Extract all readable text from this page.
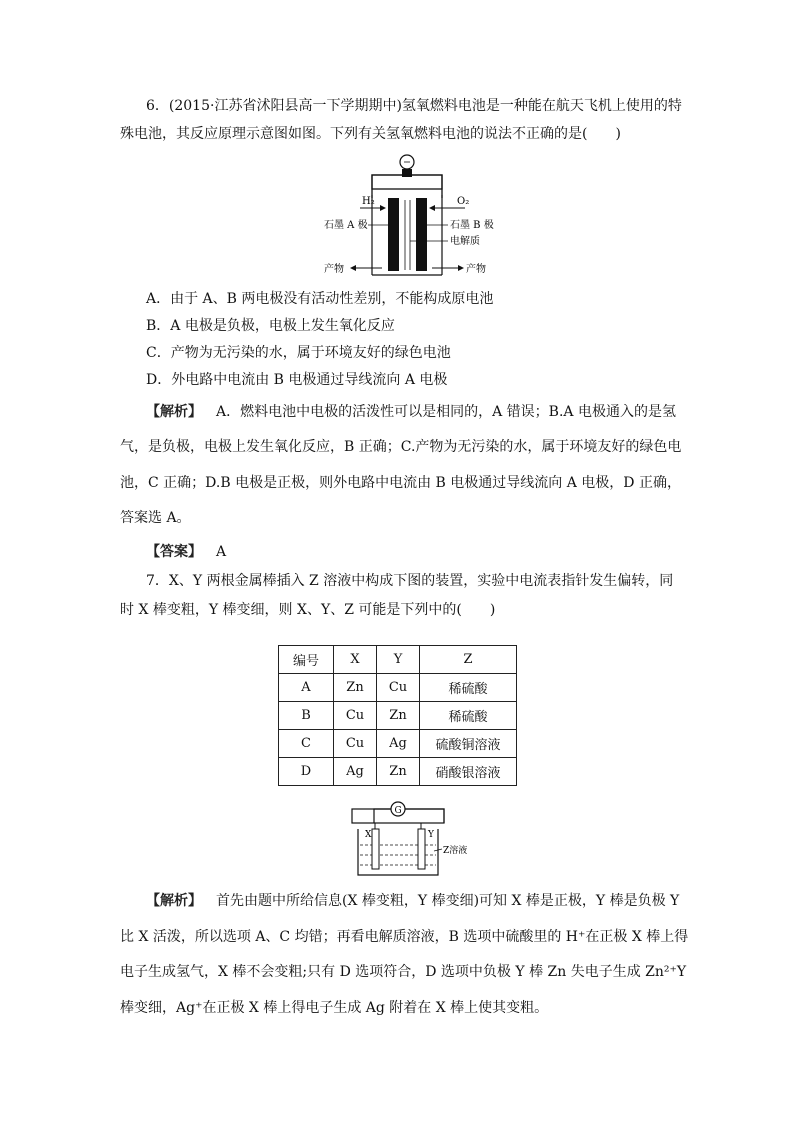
6．(2015·江苏省沭阳县高一下学期期中)氢氧燃料电池是一种能在航天飞机上使用的特
殊电池，其反应原理示意图如图。下列有关氢氧燃料电池的说法不正确的是(　　)
H₂	O₂
石墨 A 极	石墨 B 极
电解质
产物	产物
A．由于 A、B 两电极没有活动性差别，不能构成原电池
B．A 电极是负极，电极上发生氧化反应
C．产物为无污染的水，属于环境友好的绿色电池
D．外电路中电流由 B 电极通过导线流向 A 电极
【解析】 A．燃料电池中电极的活泼性可以是相同的，A 错误；B.A 电极通入的是氢
气，是负极，电极上发生氧化反应，B 正确；C.产物为无污染的水，属于环境友好的绿色电
池，C 正确；D.B 电极是正极，则外电路中电流由 B 电极通过导线流向 A 电极，D 正确，
答案选 A。
【答案】 A
7．X、Y 两根金属棒插入 Z 溶液中构成下图的装置，实验中电流表指针发生偏转，同
时 X 棒变粗，Y 棒变细，则 X、Y、Z 可能是下列中的(　　)
编号	X	Y	Z
A	Zn	Cu	稀硫酸
B	Cu	Zn	稀硫酸
C	Cu	Ag	硫酸铜溶液
D	Ag	Zn	硝酸银溶液
G
X	Y
Z溶液
【解析】 首先由题中所给信息(X 棒变粗，Y 棒变细)可知 X 棒是正极，Y 棒是负极 Y
比 X 活泼，所以选项 A、C 均错；再看电解质溶液，B 选项中硫酸里的 H⁺在正极 X 棒上得
电子生成氢气，X 棒不会变粗;只有 D 选项符合，D 选项中负极 Y 棒 Zn 失电子生成 Zn²⁺Y
棒变细，Ag⁺在正极 X 棒上得电子生成 Ag 附着在 X 棒上使其变粗。
